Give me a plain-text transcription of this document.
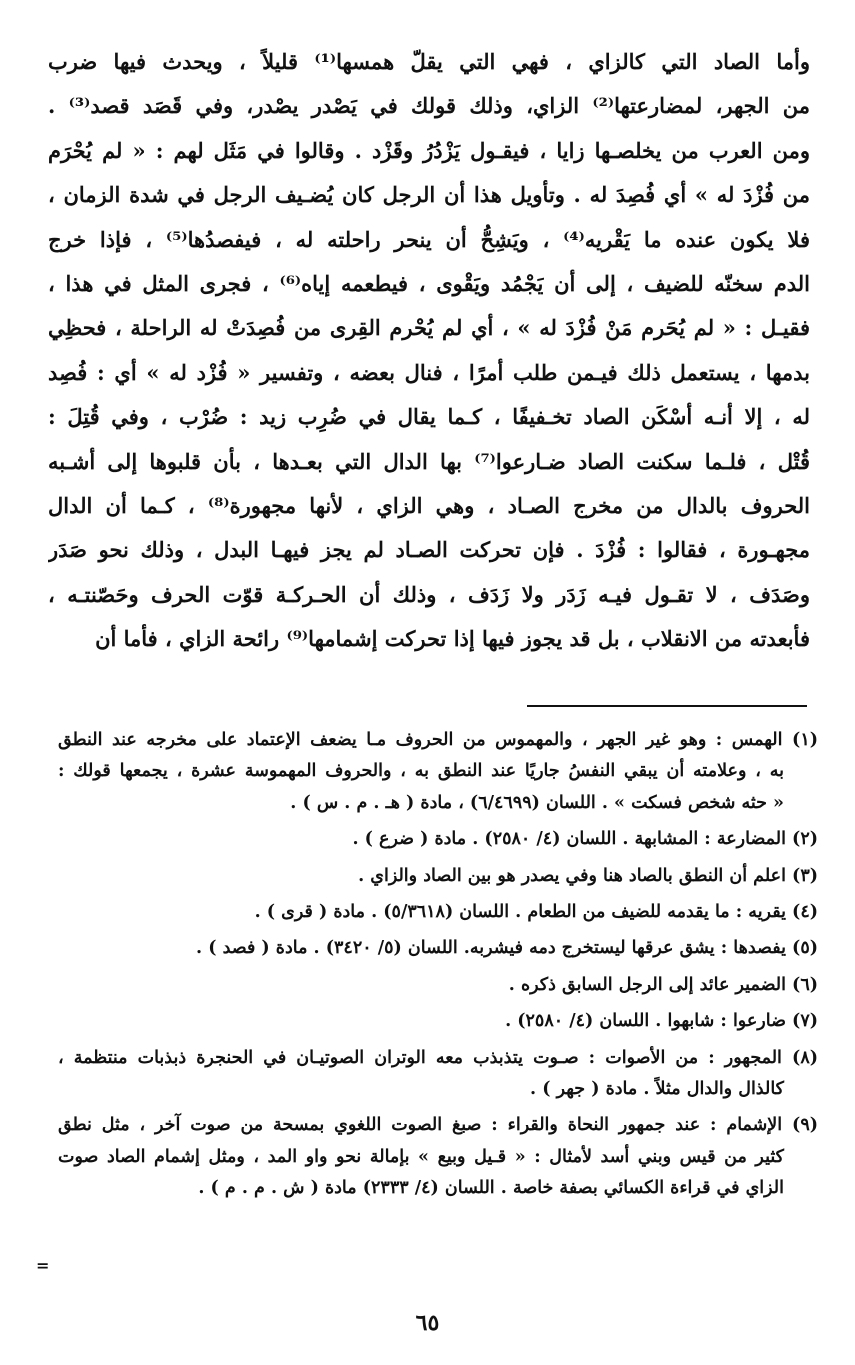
وأما الصاد التي كالزاي ، فهي التي يقلّ همسها⁽¹⁾ قليلاً ، ويحدث فيها ضرب

من الجهر، لمضارعتها⁽²⁾ الزاي، وذلك قولك في يَصْدر يصْدر، وفي قَصَد قصد⁽³⁾ .

ومن العرب من يخلصـها زايا ، فيقـول يَزْدُرُ وقَزْد . وقالوا في مَثَل لهم : « لم يُحْرَم

من فُزْدَ له » أي فُصِدَ له . وتأويل هذا أن الرجل كان يُضـيف الرجل في شدة الزمان ،

فلا يكون عنده ما يَقْريه⁽⁴⁾ ، ويَشِحُّ أن ينحر راحلته له ، فيفصدُها⁽⁵⁾ ، فإذا خرج

الدم سخنّه للضيف ، إلى أن يَجْمُد ويَقْوى ، فيطعمه إياه⁽⁶⁾ ، فجرى المثل في هذا ،

فقيـل : « لم يُحَرم مَنْ فُزْدَ له » ، أي لم يُحْرم القِرى من فُصِدَتْ له الراحلة ، فحظِي

بدمها ، يستعمل ذلك فيـمن طلب أمرًا ، فنال بعضه ، وتفسير « فُزْد له » أي : فُصِد

له ، إلا أنـه أسْكَن الصاد تخـفيفًا ، كـما يقال في ضُرِب زيد : ضُرْب ، وفي قُتِلَ :

قُتْل ، فلـما سكنت الصاد ضـارعوا⁽⁷⁾ بها الدال التي بعـدها ، بأن قلبوها إلى أشـبه

الحروف بالدال من مخرج الصـاد ، وهي الزاي ، لأنها مجهورة⁽⁸⁾ ، كـما أن الدال

مجهـورة ، فقالوا : فُزْدَ . فإن تحركت الصـاد لم يجز فيهـا البدل ، وذلك نحو صَدَر

وصَدَف ، لا تقـول فيـه زَدَر ولا زَدَف ، وذلك أن الحـركـة قوّت الحرف وحَصّنتـه ،

فأبعدته من الانقلاب ، بل قد يجوز فيها إذا تحركت إشمامها⁽⁹⁾ رائحة الزاي ، فأما أن

(١) الهمس : وهو غير الجهر ، والمهموس من الحروف مـا يضعف الإعتماد على مخرجه عند النطق
به ، وعلامته أن يبقي النفسُ جاريًا عند النطق به ، والحروف المهموسة عشرة ، يجمعها قولك :
« حثه شخص فسكت » . اللسان (٦/٤٦٩٩) ، مادة ( هـ . م . س ) .
(٢) المضارعة : المشابهة . اللسان (٤/ ٢٥٨٠) . مادة ( ضرع ) .
(٣) اعلم أن النطق بالصاد هنا وفي يصدر هو بين الصاد والزاي .
(٤) يقريه : ما يقدمه للضيف من الطعام . اللسان (٥/٣٦١٨) . مادة ( قرى ) .
(٥) يفصدها : يشق عرقها ليستخرج دمه فيشربه. اللسان (٥/ ٣٤٢٠) . مادة ( فصد ) .
(٦) الضمير عائد إلى الرجل السابق ذكره .
(٧) ضارعوا : شابهوا . اللسان (٤/ ٢٥٨٠) .
(٨) المجهور : من الأصوات : صـوت يتذبذب معه الوتران الصوتيـان في الحنجرة ذبذبات منتظمة ،
كالذال والدال مثلاً . مادة ( جهر ) .
(٩) الإشمام : عند جمهور النحاة والقراء : صبغ الصوت اللغوي بمسحة من صوت آخر ، مثل نطق
كثير من قيس وبني أسد لأمثال : « قـيل وبيع » بإمالة نحو واو المد ، ومثل إشمام الصاد صوت
الزاي في قراءة الكسائي بصفة خاصة . اللسان (٤/ ٢٣٣٣) مادة ( ش . م . م ) .
=
٦٥
